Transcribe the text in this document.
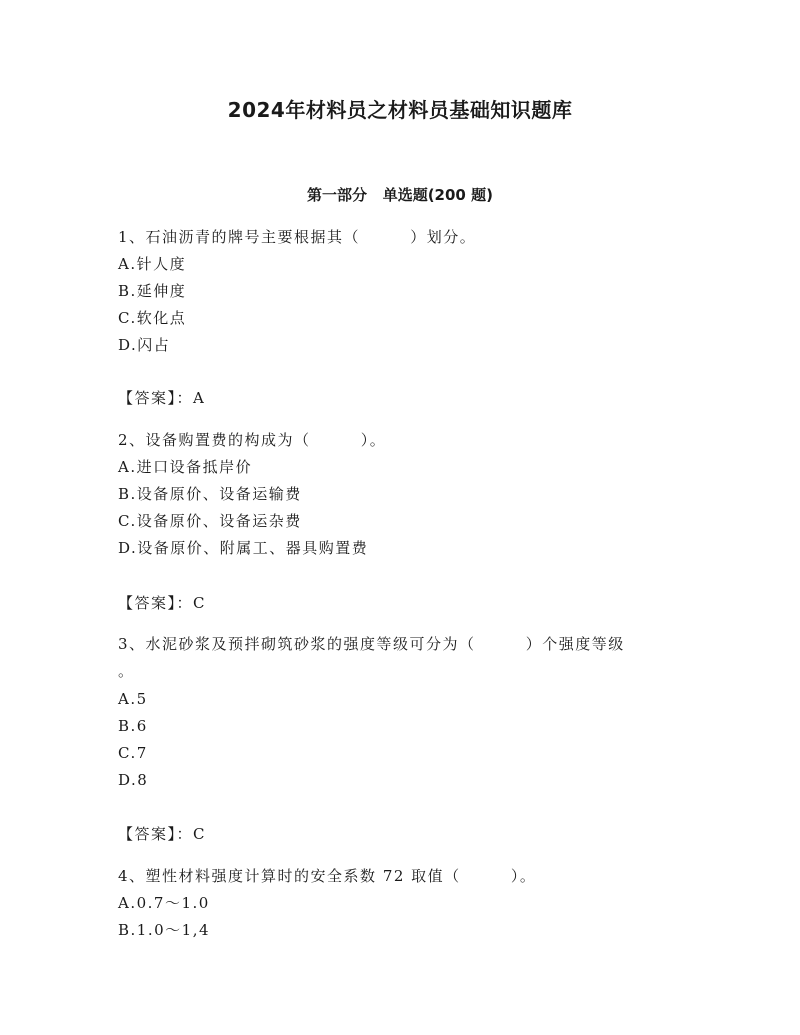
2024年材料员之材料员基础知识题库
第一部分   单选题(200 题)
1、石油沥青的牌号主要根据其（        ）划分。
A.针人度
B.延伸度
C.软化点
D.闪占
【答案】：A
2、设备购置费的构成为（        ）。
A.进口设备抵岸价
B.设备原价、设备运输费
C.设备原价、设备运杂费
D.设备原价、附属工、器具购置费
【答案】：C
3、水泥砂浆及预拌砌筑砂浆的强度等级可分为（        ）个强度等级
。
A.5
B.6
C.7
D.8
【答案】：C
4、塑性材料强度计算时的安全系数 72 取值（        ）。
A.0.7～1.0
B.1.0～1,4
